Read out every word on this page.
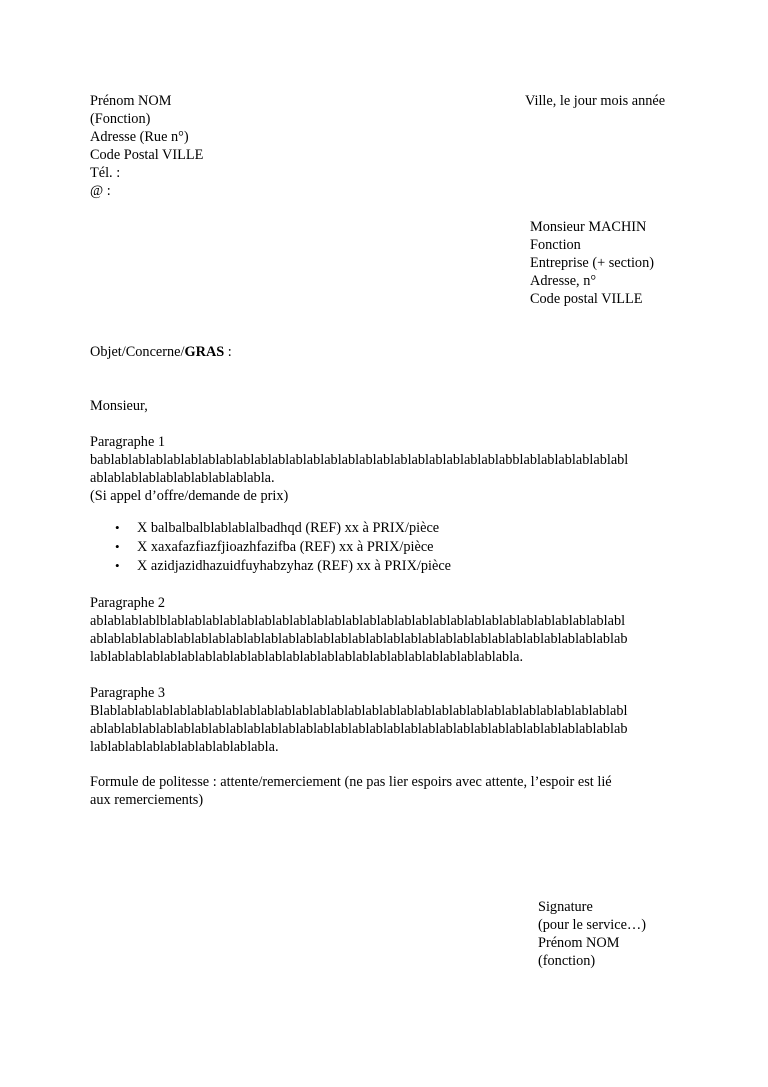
Prénom NOM
(Fonction)
Adresse (Rue n°)
Code Postal VILLE
Tél. :
@ :
Ville, le jour mois année
Monsieur MACHIN
Fonction
Entreprise (+ section)
Adresse, n°
Code postal VILLE
Objet/Concerne/GRAS :
Monsieur,
Paragraphe 1
bablablablablablablablablablablablablablablablablablablablablablablablabblablablablablablabl
ablablablablablablablablablabla.
(Si appel d’offre/demande de prix)
• X balbalbalblablablalbadhqd (REF) xx à PRIX/pièce
• X xaxafazfiazfjioazhfazifba (REF) xx à PRIX/pièce
• X azidjazidhazuidfuyhabzyhaz (REF) xx à PRIX/pièce
Paragraphe 2
ablablablablblablablablablablablablablablablablablablablablablablablablablablablablablablabl
ablablablablablablablablablablablablablablablablablablablablablablablablablablablablablablab
lablablablablablablablablablablablablablablablablablablablablablablablabla.
Paragraphe 3
Blablablablablablablablablablablablablablablablablablablablablablablablablablablablablablabl
ablablablablablablablablablablablablablablablablablablablablablablablablablablablablablablab
lablablablablablablablablablabla.
Formule de politesse : attente/remerciement (ne pas lier espoirs avec attente, l’espoir est lié
aux remerciements)
Signature
(pour le service…)
Prénom NOM
(fonction)
